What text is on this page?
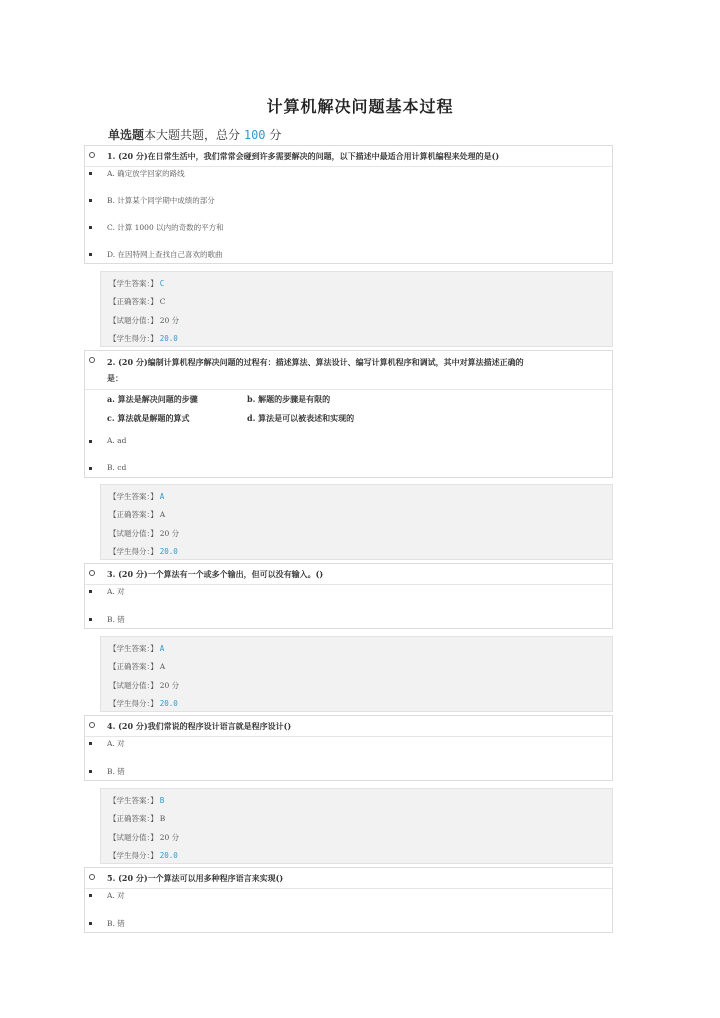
计算机解决问题基本过程
单选题本大题共题，总分 100 分
1. (20 分)在日常生活中，我们常常会碰到许多需要解决的问题，以下描述中最适合用计算机编程来处理的是()
A. 确定放学回家的路线
B. 计算某个同学期中成绩的部分
C. 计算 1000 以内的奇数的平方和
D. 在因特网上查找自己喜欢的歌曲
【学生答案：】 C
【正确答案：】 C
【试题分值：】 20 分
【学生得分：】 20.0
2. (20 分)编制计算机程序解决问题的过程有：描述算法、算法设计、编写计算机程序和调试，其中对算法描述正确的
是：
a. 算法是解决问题的步骤	b. 解题的步骤是有限的
c. 算法就是解题的算式	d. 算法是可以被表述和实现的
A. ad
B. cd
【学生答案：】 A
【正确答案：】 A
【试题分值：】 20 分
【学生得分：】 20.0
3. (20 分)一个算法有一个或多个输出，但可以没有输入。()
A. 对
B. 错
【学生答案：】 A
【正确答案：】 A
【试题分值：】 20 分
【学生得分：】 20.0
4. (20 分)我们常说的程序设计语言就是程序设计()
A. 对
B. 错
【学生答案：】 B
【正确答案：】 B
【试题分值：】 20 分
【学生得分：】 20.0
5. (20 分)一个算法可以用多种程序语言来实现()
A. 对
B. 错
